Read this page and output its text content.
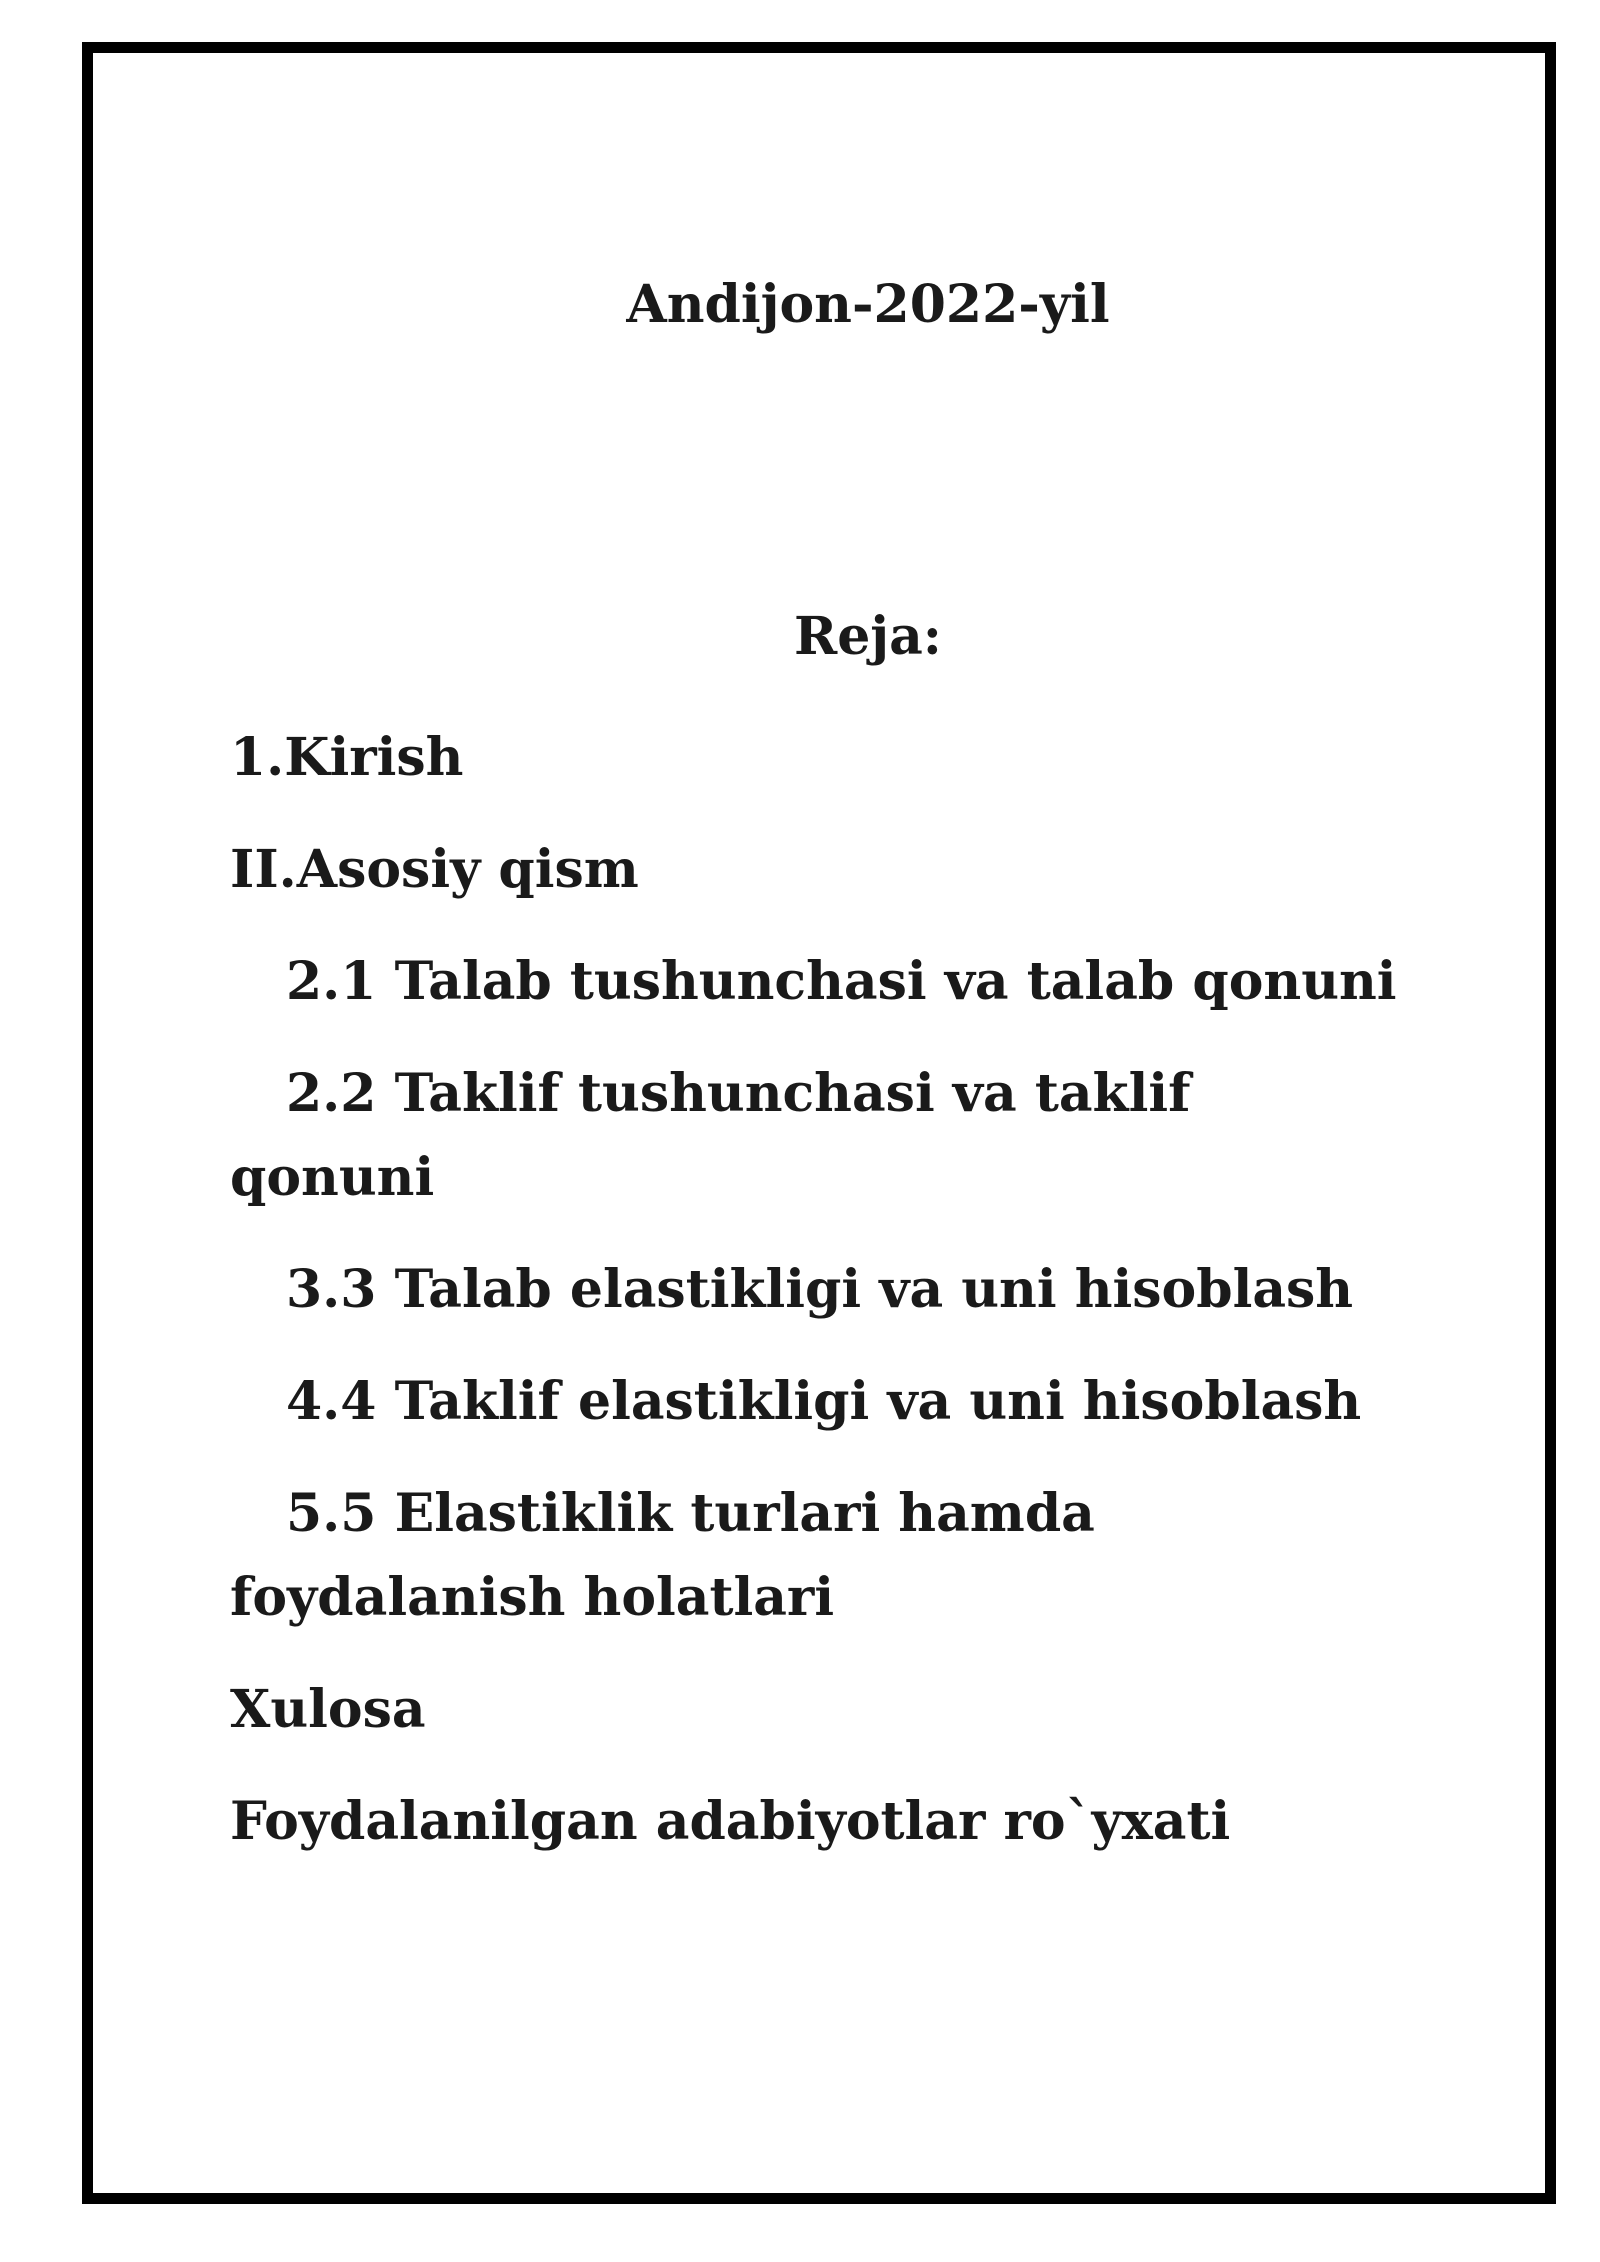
Andijon-2022-yil
Reja:
1.Kirish
II.Asosiy qism
2.1 Talab tushunchasi va talab qonuni
2.2 Taklif tushunchasi va taklif qonuni
3.3 Talab elastikligi va uni hisoblash
4.4 Taklif elastikligi va uni hisoblash
5.5 Elastiklik turlari hamda foydalanish holatlari
Xulosa
Foydalanilgan adabiyotlar ro`yxati
